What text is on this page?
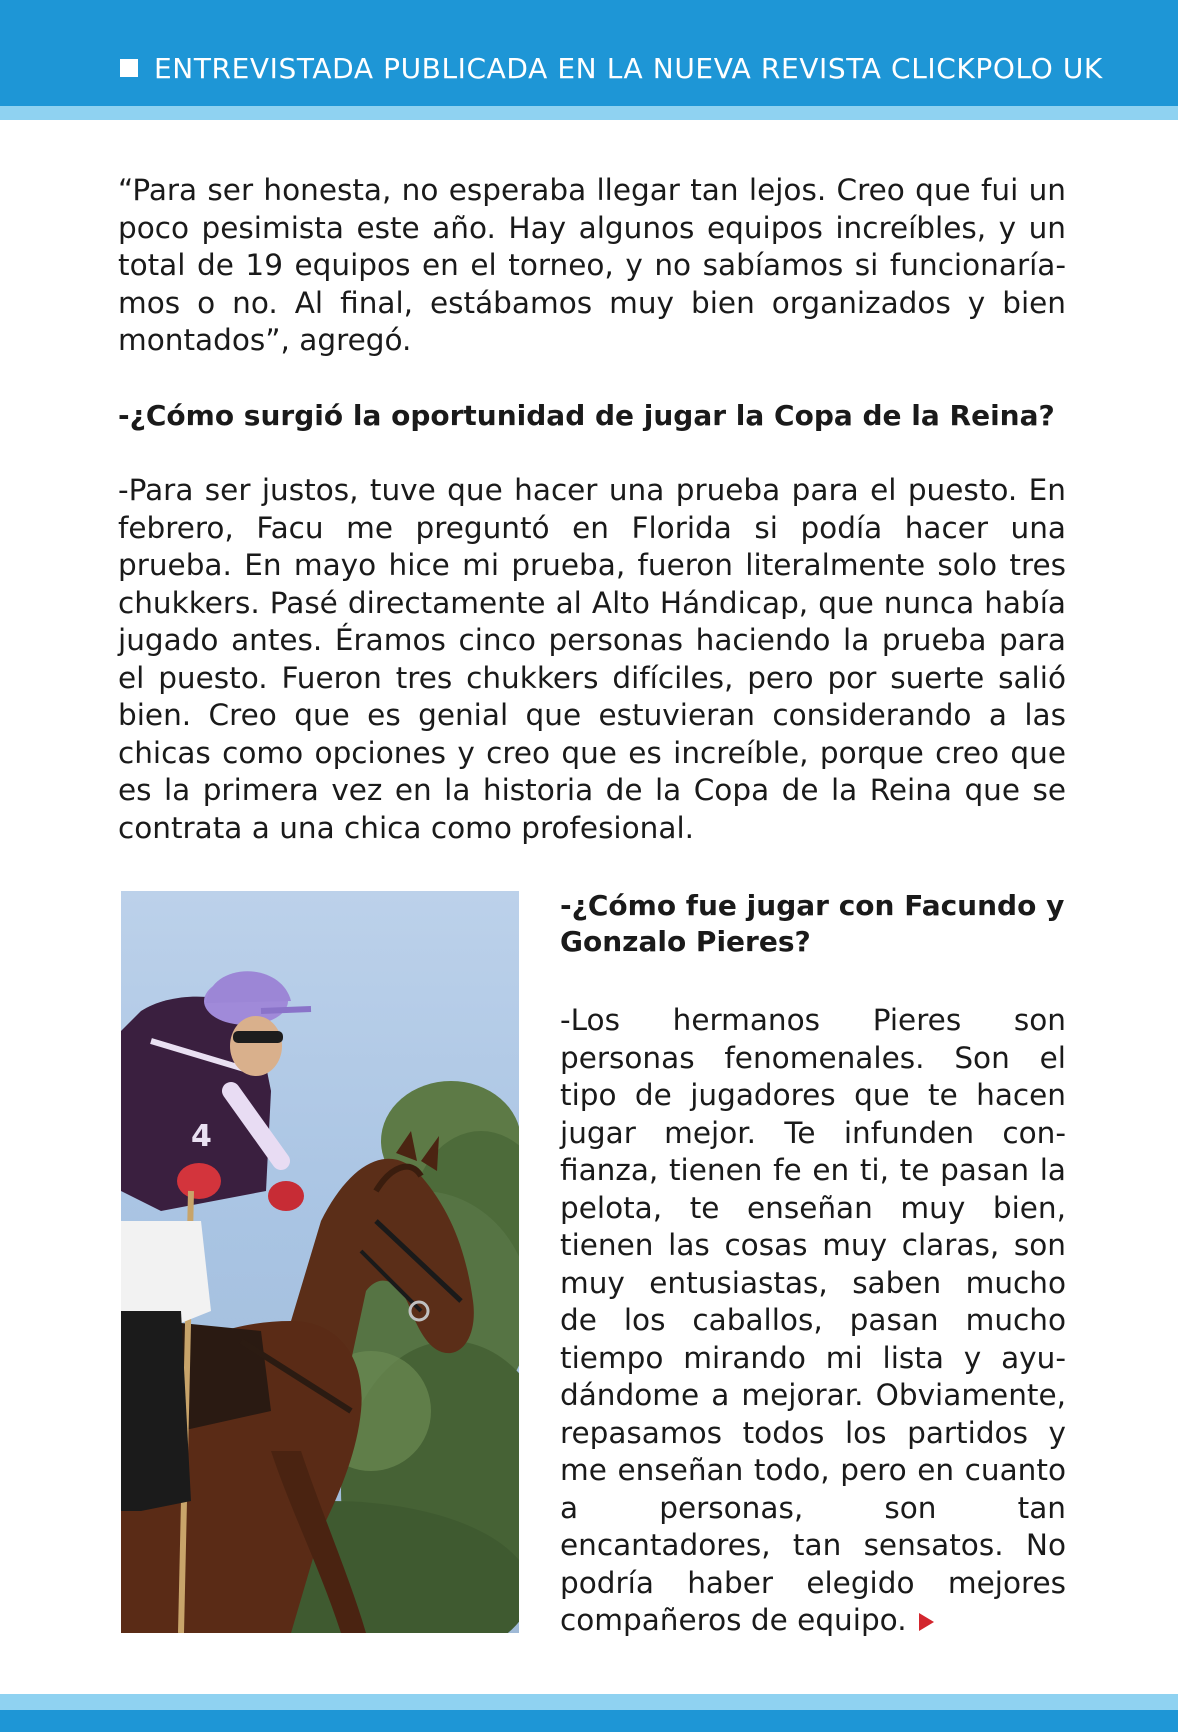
ENTREVISTADA PUBLICADA EN LA NUEVA REVISTA CLICKPOLO UK

“Para ser honesta, no esperaba llegar tan lejos. Creo que fui un poco pesimista este año. Hay algunos equipos increíbles, y un total de 19 equipos en el torneo, y no sabíamos si funcionaríamos o no. Al final, estábamos muy bien organizados y bien montados”, agregó.

-¿Cómo surgió la oportunidad de jugar la Copa de la Reina?

-Para ser justos, tuve que hacer una prueba para el puesto. En febrero, Facu me preguntó en Florida si podía hacer una prueba. En mayo hice mi prueba, fueron literalmente solo tres chukkers. Pasé directamente al Alto Hándicap, que nunca había jugado antes. Éramos cinco personas haciendo la prueba para el puesto. Fueron tres chukkers difíciles, pero por suerte salió bien. Creo que es genial que estuvieran considerando a las chicas como opciones y creo que es increíble, porque creo que es la primera vez en la historia de la Copa de la Reina que se contrata a una chica como profesional.

4
-¿Cómo fue jugar con Facundo y Gonzalo Pieres?

-Los hermanos Pieres son personas fenomenales. Son el tipo de jugadores que te hacen jugar mejor. Te infunden confianza, tienen fe en ti, te pasan la pelota, te enseñan muy bien, tienen las cosas muy claras, son muy entusiastas, saben mucho de los caballos, pasan mucho tiempo mirando mi lista y ayudándome a mejorar. Obviamente, repasamos todos los partidos y me enseñan todo, pero en cuanto a personas, son tan encantadores, tan sensatos. No podría haber elegido mejores compañeros de equipo.
